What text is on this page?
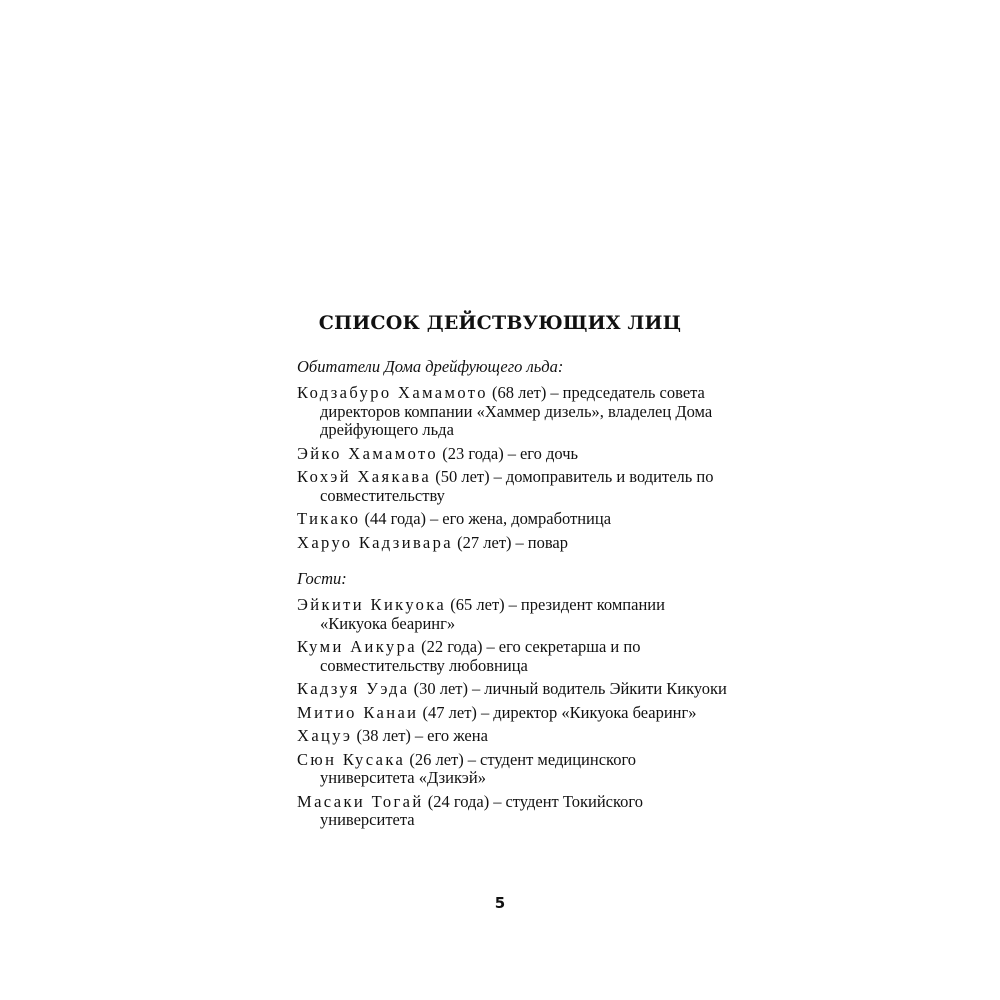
СПИСОК ДЕЙСТВУЮЩИХ ЛИЦ

Обитатели Дома дрейфующего льда:

Кодзабуро Хамамото (68 лет) – председатель совета директоров компании «Хаммер дизель», владелец Дома дрейфующего льда
Эйко Хамамото (23 года) – его дочь
Кохэй Хаякава (50 лет) – домоправитель и водитель по совместительству
Тикако (44 года) – его жена, домработница
Харуо Кадзивара (27 лет) – повар

Гости:

Эйкити Кикуока (65 лет) – президент компании «Кикуока беаринг»
Куми Аикура (22 года) – его секретарша и по совместительству любовница
Кадзуя Уэда (30 лет) – личный водитель Эйкити Кикуоки
Митио Канаи (47 лет) – директор «Кикуока беаринг»
Хацуэ (38 лет) – его жена
Сюн Кусака (26 лет) – студент медицинского университета «Дзикэй»
Масаки Тогай (24 года) – студент Токийского университета
5
